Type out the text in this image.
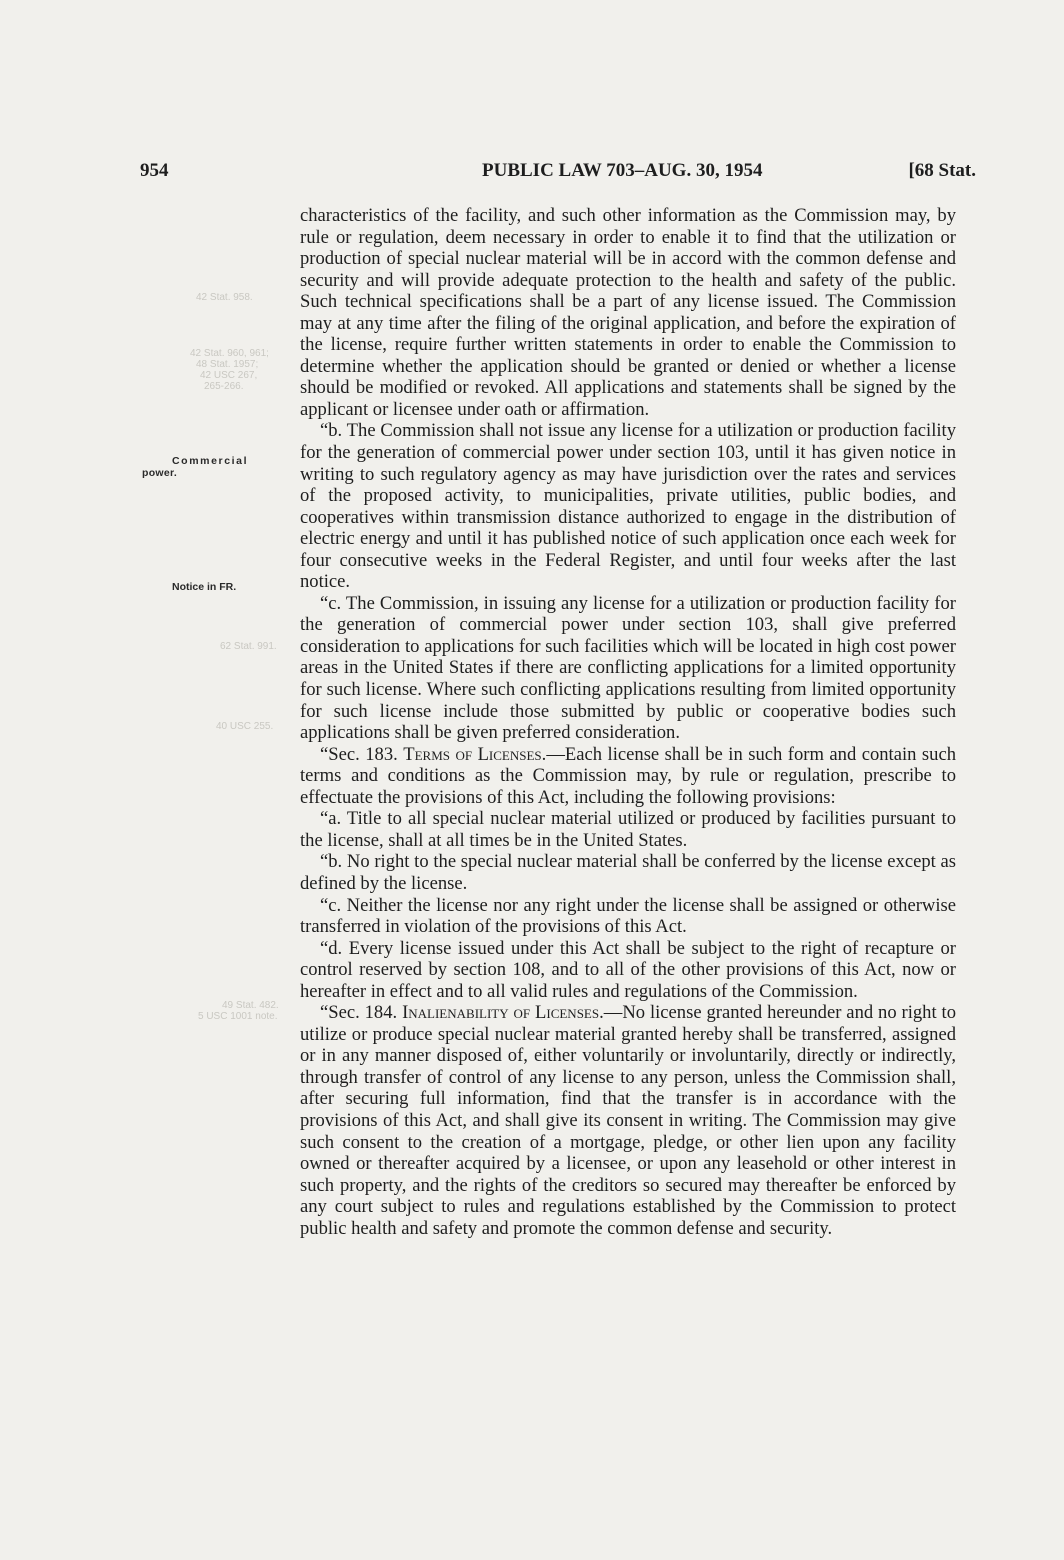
954	PUBLIC LAW 703–AUG. 30, 1954	[68 Stat.
42 Stat. 958.
42 Stat. 960, 961;
48 Stat. 1957;
42 USC 267,
265-266.
62 Stat. 991.
40 USC 255.
49 Stat. 482.
5 USC 1001 note.
Commercial
power.
Notice in FR.

characteristics of the facility, and such other information as the Commission may, by rule or regulation, deem necessary in order to enable it to find that the utilization or production of special nuclear material will be in accord with the common defense and security and will provide adequate protection to the health and safety of the public. Such technical specifications shall be a part of any license issued. The Commission may at any time after the filing of the original application, and before the expiration of the license, require further written statements in order to enable the Commission to determine whether the application should be granted or denied or whether a license should be modified or revoked. All applications and statements shall be signed by the applicant or licensee under oath or affirmation.

“b. The Commission shall not issue any license for a utilization or production facility for the generation of commercial power under section 103, until it has given notice in writing to such regulatory agency as may have jurisdiction over the rates and services of the proposed activity, to municipalities, private utilities, public bodies, and cooperatives within transmission distance authorized to engage in the distribution of electric energy and until it has published notice of such application once each week for four consecutive weeks in the Federal Register, and until four weeks after the last notice.

“c. The Commission, in issuing any license for a utilization or production facility for the generation of commercial power under section 103, shall give preferred consideration to applications for such facilities which will be located in high cost power areas in the United States if there are conflicting applications for a limited opportunity for such license. Where such conflicting applications resulting from limited opportunity for such license include those submitted by public or cooperative bodies such applications shall be given preferred consideration.

“Sec. 183. Terms of Licenses.—Each license shall be in such form and contain such terms and conditions as the Commission may, by rule or regulation, prescribe to effectuate the provisions of this Act, including the following provisions:

“a. Title to all special nuclear material utilized or produced by facilities pursuant to the license, shall at all times be in the United States.

“b. No right to the special nuclear material shall be conferred by the license except as defined by the license.

“c. Neither the license nor any right under the license shall be assigned or otherwise transferred in violation of the provisions of this Act.

“d. Every license issued under this Act shall be subject to the right of recapture or control reserved by section 108, and to all of the other provisions of this Act, now or hereafter in effect and to all valid rules and regulations of the Commission.

“Sec. 184. Inalienability of Licenses.—No license granted hereunder and no right to utilize or produce special nuclear material granted hereby shall be transferred, assigned or in any manner disposed of, either voluntarily or involuntarily, directly or indirectly, through transfer of control of any license to any person, unless the Commission shall, after securing full information, find that the transfer is in accordance with the provisions of this Act, and shall give its consent in writing. The Commission may give such consent to the creation of a mortgage, pledge, or other lien upon any facility owned or thereafter acquired by a licensee, or upon any leasehold or other interest in such property, and the rights of the creditors so secured may thereafter be enforced by any court subject to rules and regulations established by the Commission to protect public health and safety and promote the common defense and security.
